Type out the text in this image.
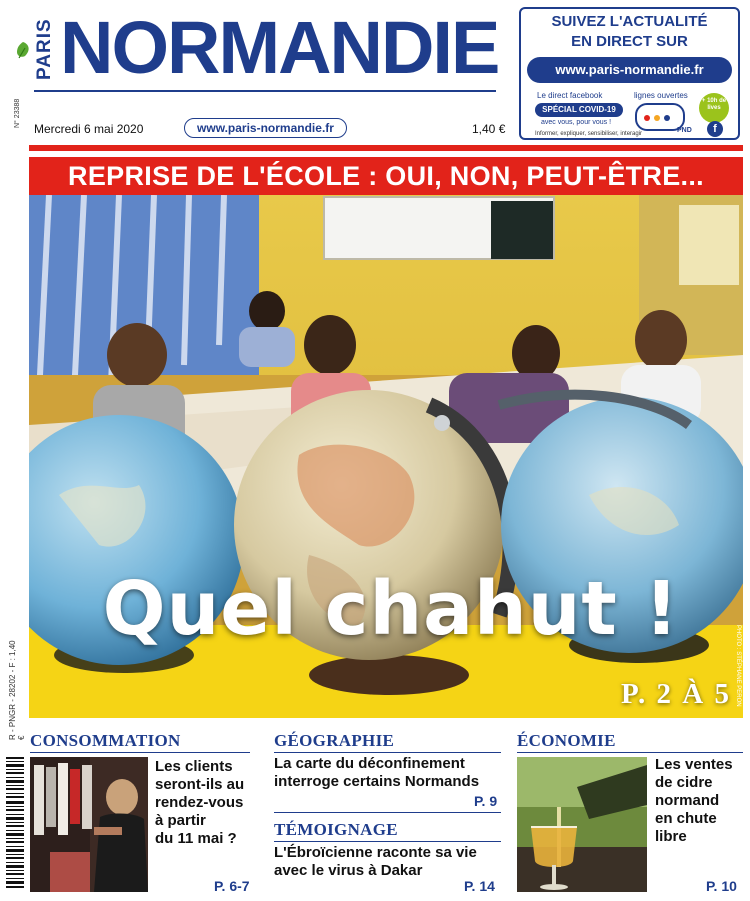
PARIS
N° 23388
NORMANDIE
Mercredi 6 mai 2020	www.paris-normandie.fr	1,40 €
SUIVEZ L'ACTUALITÉ
EN DIRECT SUR
www.paris-normandie.fr
Le direct facebook
SPÉCIAL COVID-19
avec vous, pour vous !
lignes ouvertes
PND
+ 10h de lives
f
Informer, expliquer, sensibiliser, interagir
REPRISE DE L'ÉCOLE : OUI, NON, PEUT-ÊTRE...
Quel chahut !
P. 2 À 5 PHOTO : STÉPHANE PERON
R - PNGR - 28202 - F : 1,40 € CONSOMMATION
Les clients
seront-ils au
rendez-vous
à partir
du 11 mai ?
P. 6-7
GÉOGRAPHIE
La carte du déconfinement
interroge certains Normands
P. 9
TÉMOIGNAGE
L'Ébroïcienne raconte sa vie
avec le virus à Dakar
P. 14
ÉCONOMIE
Les ventes
de cidre
normand
en chute
libre
P. 10
